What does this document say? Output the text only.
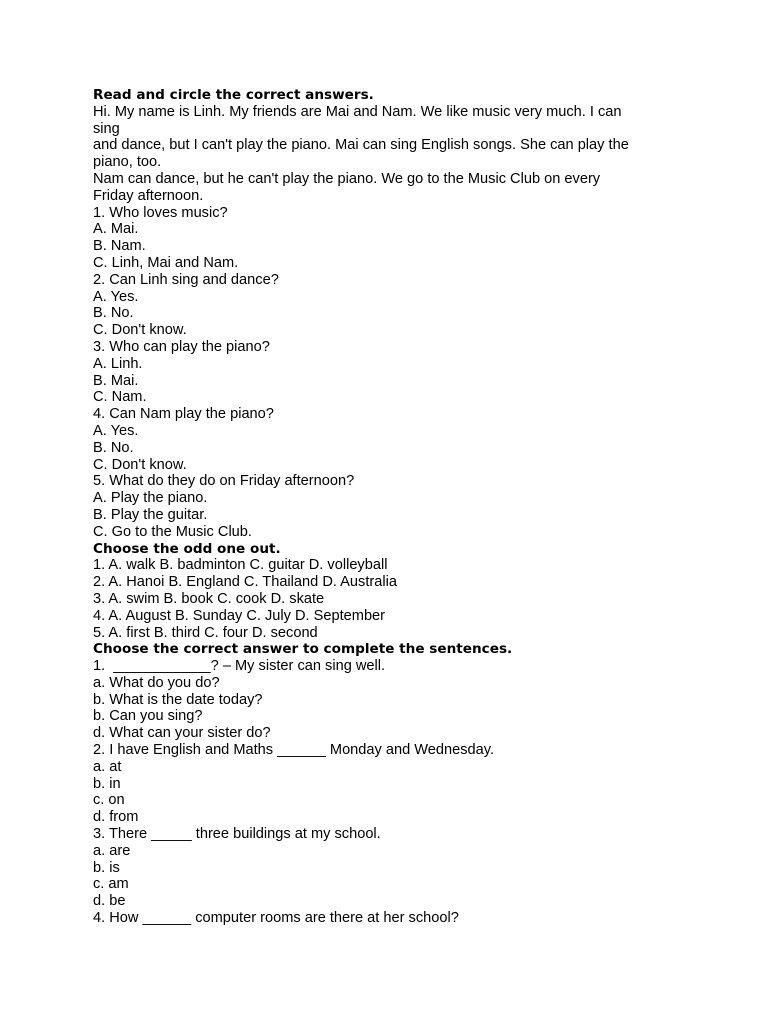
Read and circle the correct answers.
Hi. My name is Linh. My friends are Mai and Nam. We like music very much. I can
sing
and dance, but I can't play the piano. Mai can sing English songs. She can play the
piano, too.
Nam can dance, but he can't play the piano. We go to the Music Club on every
Friday afternoon.
1. Who loves music?
A. Mai.
B. Nam.
C. Linh, Mai and Nam.
2. Can Linh sing and dance?
A. Yes.
B. No.
C. Don't know.
3. Who can play the piano?
A. Linh.
B. Mai.
C. Nam.
4. Can Nam play the piano?
A. Yes.
B. No.
C. Don't know.
5. What do they do on Friday afternoon?
A. Play the piano.
B. Play the guitar.
C. Go to the Music Club.
Choose the odd one out.
1. A. walk B. badminton C. guitar D. volleyball
2. A. Hanoi B. England C. Thailand D. Australia
3. A. swim B. book C. cook D. skate
4. A. August B. Sunday C. July D. September
5. A. first B. third C. four D. second
Choose the correct answer to complete the sentences.
1.  ____________? – My sister can sing well.
a. What do you do?
b. What is the date today?
b. Can you sing?
d. What can your sister do?
2. I have English and Maths ______ Monday and Wednesday.
a. at
b. in
c. on
d. from
3. There _____ three buildings at my school.
a. are
b. is
c. am
d. be
4. How ______ computer rooms are there at her school?
